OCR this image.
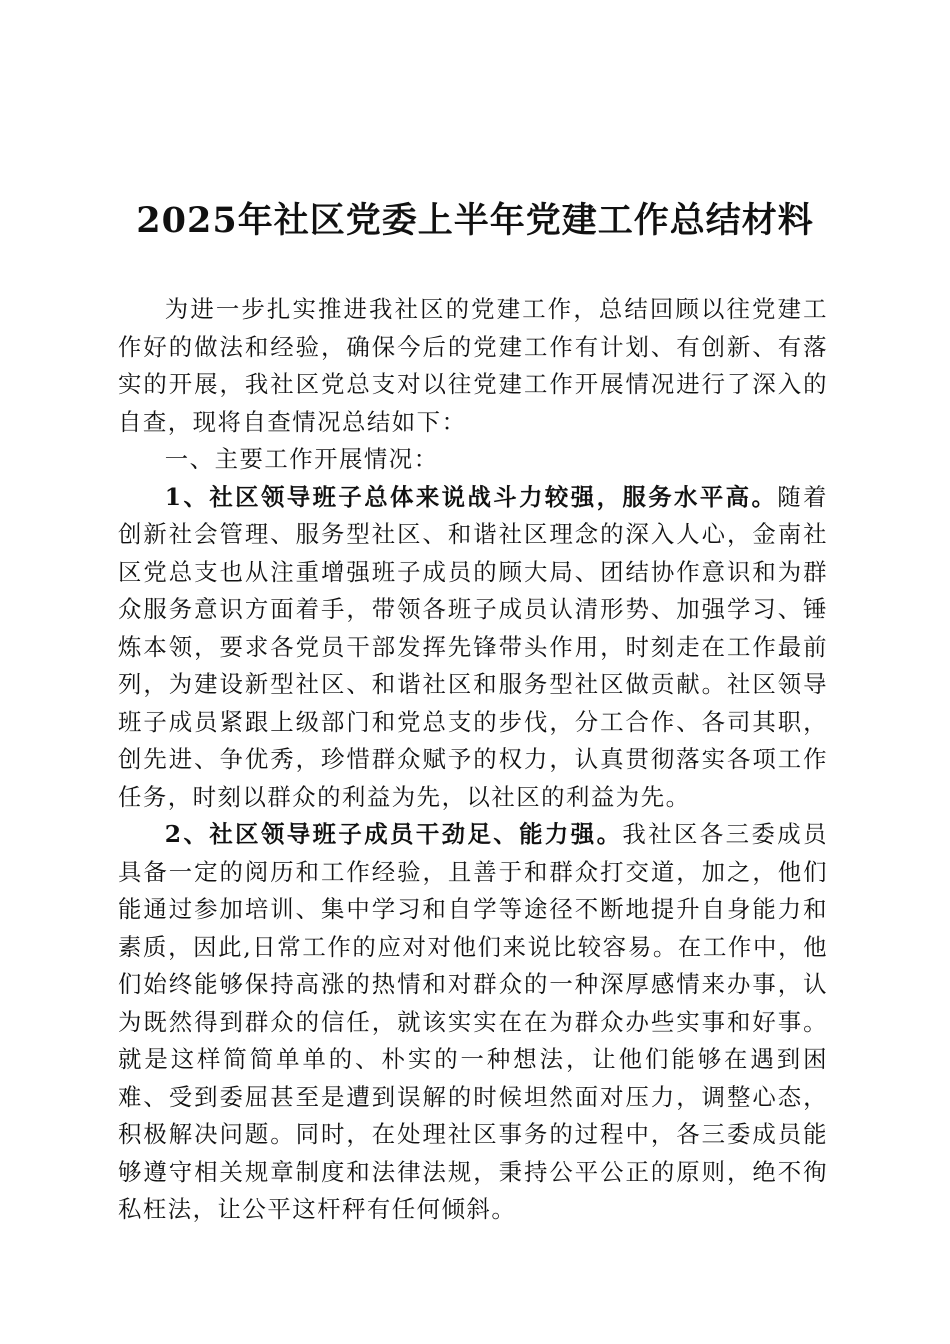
2025年社区党委上半年党建工作总结材料

为进一步扎实推进我社区的党建工作，总结回顾以往党建工作好的做法和经验，确保今后的党建工作有计划、有创新、有落实的开展，我社区党总支对以往党建工作开展情况进行了深入的自查，现将自查情况总结如下：

一、主要工作开展情况：

1、社区领导班子总体来说战斗力较强，服务水平高。随着创新社会管理、服务型社区、和谐社区理念的深入人心，金南社区党总支也从注重增强班子成员的顾大局、团结协作意识和为群众服务意识方面着手，带领各班子成员认清形势、加强学习、锤炼本领，要求各党员干部发挥先锋带头作用，时刻走在工作最前列，为建设新型社区、和谐社区和服务型社区做贡献。社区领导班子成员紧跟上级部门和党总支的步伐，分工合作、各司其职，创先进、争优秀，珍惜群众赋予的权力，认真贯彻落实各项工作任务，时刻以群众的利益为先，以社区的利益为先。

2、社区领导班子成员干劲足、能力强。我社区各三委成员具备一定的阅历和工作经验，且善于和群众打交道，加之，他们能通过参加培训、集中学习和自学等途径不断地提升自身能力和素质，因此,日常工作的应对对他们来说比较容易。在工作中，他们始终能够保持高涨的热情和对群众的一种深厚感情来办事，认为既然得到群众的信任，就该实实在在为群众办些实事和好事。就是这样简简单单的、朴实的一种想法，让他们能够在遇到困难、受到委屈甚至是遭到误解的时候坦然面对压力，调整心态，积极解决问题。同时，在处理社区事务的过程中，各三委成员能够遵守相关规章制度和法律法规，秉持公平公正的原则，绝不徇私枉法，让公平这杆秤有任何倾斜。
